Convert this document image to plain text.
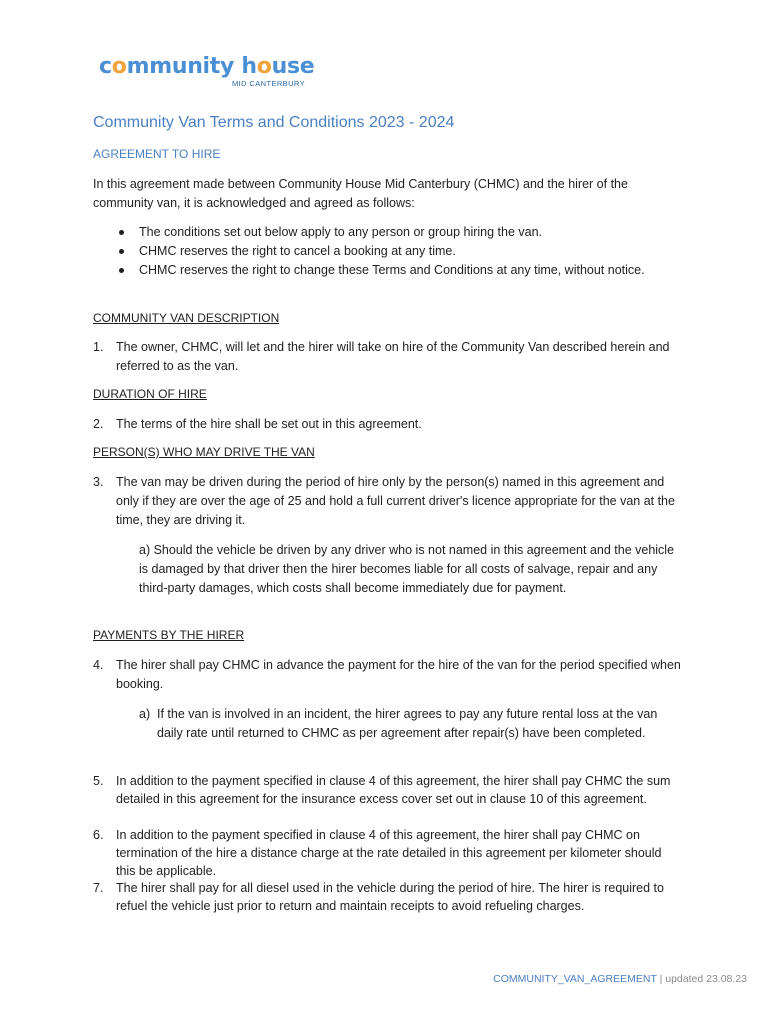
community house
MID CANTERBURY
Community Van Terms and Conditions 2023 - 2024
AGREEMENT TO HIRE
In this agreement made between Community House Mid Canterbury (CHMC) and the hirer of the community van, it is acknowledged and agreed as follows:
The conditions set out below apply to any person or group hiring the van.
CHMC reserves the right to cancel a booking at any time.
CHMC reserves the right to change these Terms and Conditions at any time, without notice.
COMMUNITY VAN DESCRIPTION
1. The owner, CHMC, will let and the hirer will take on hire of the Community Van described herein and referred to as the van.
DURATION OF HIRE
2. The terms of the hire shall be set out in this agreement.
PERSON(S) WHO MAY DRIVE THE VAN
3. The van may be driven during the period of hire only by the person(s) named in this agreement and only if they are over the age of 25 and hold a full current driver's licence appropriate for the van at the time, they are driving it.
a) Should the vehicle be driven by any driver who is not named in this agreement and the vehicle is damaged by that driver then the hirer becomes liable for all costs of salvage, repair and any third-party damages, which costs shall become immediately due for payment.
PAYMENTS BY THE HIRER
4. The hirer shall pay CHMC in advance the payment for the hire of the van for the period specified when booking.
a) If the van is involved in an incident, the hirer agrees to pay any future rental loss at the van daily rate until returned to CHMC as per agreement after repair(s) have been completed.
5. In addition to the payment specified in clause 4 of this agreement, the hirer shall pay CHMC the sum detailed in this agreement for the insurance excess cover set out in clause 10 of this agreement.
6. In addition to the payment specified in clause 4 of this agreement, the hirer shall pay CHMC on termination of the hire a distance charge at the rate detailed in this agreement per kilometer should this be applicable.
7. The hirer shall pay for all diesel used in the vehicle during the period of hire. The hirer is required to refuel the vehicle just prior to return and maintain receipts to avoid refueling charges.
COMMUNITY_VAN_AGREEMENT | updated 23.08.23
